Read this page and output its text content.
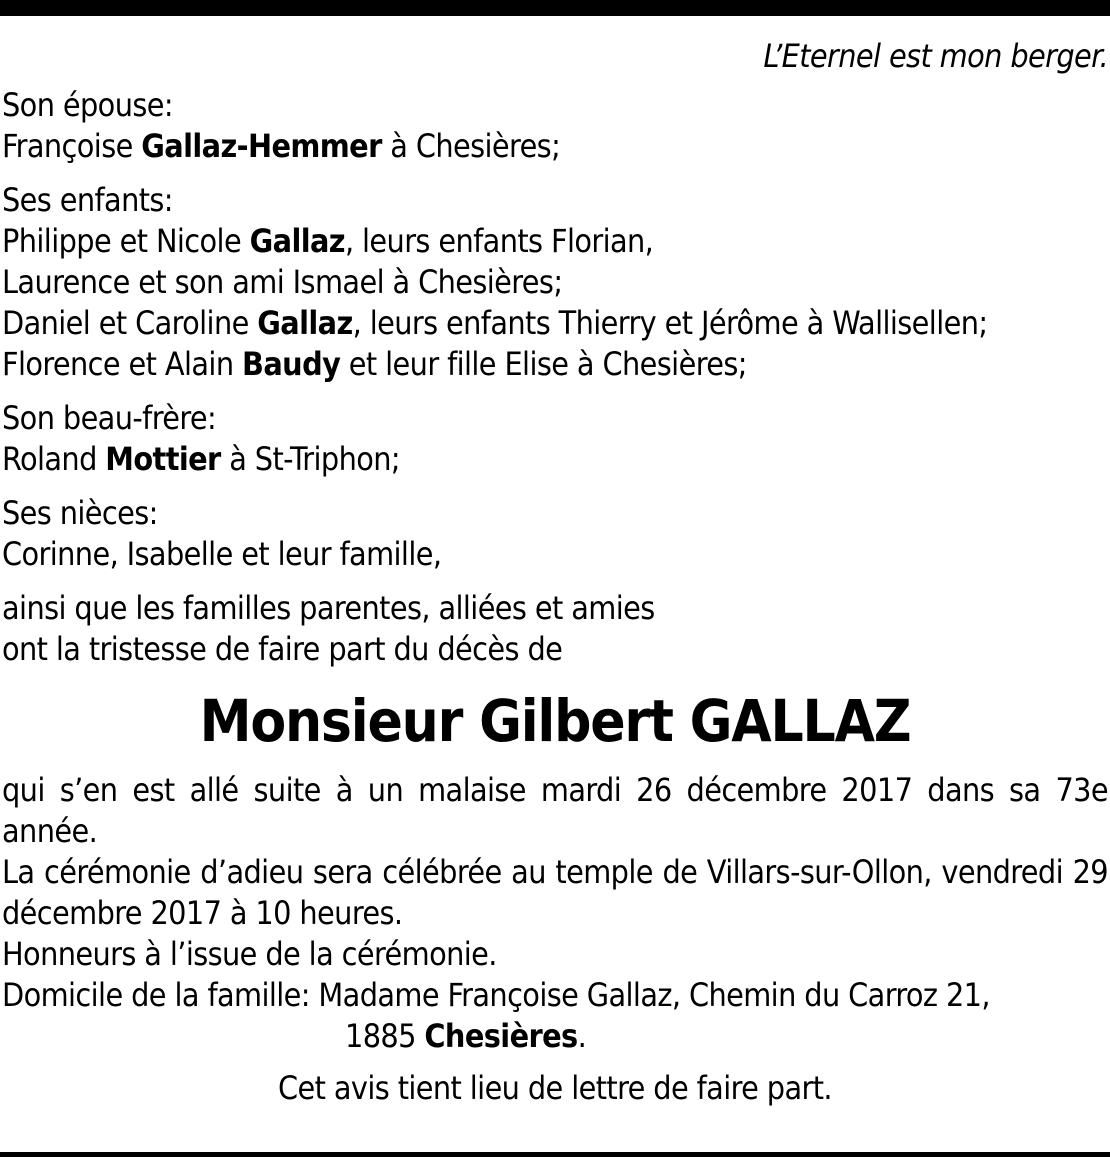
L’Eternel est mon berger.
Son épouse:
Françoise Gallaz-Hemmer à Chesières;
Ses enfants:
Philippe et Nicole Gallaz, leurs enfants Florian,
Laurence et son ami Ismael à Chesières;
Daniel et Caroline Gallaz, leurs enfants Thierry et Jérôme à Wallisellen;
Florence et Alain Baudy et leur fille Elise à Chesières;
Son beau-frère:
Roland Mottier à St-Triphon;
Ses nièces:
Corinne, Isabelle et leur famille,
ainsi que les familles parentes, alliées et amies
ont la tristesse de faire part du décès de
Monsieur Gilbert GALLAZ
qui s’en est allé suite à un malaise mardi 26 décembre 2017 dans sa 73e année.
La cérémonie d’adieu sera célébrée au temple de Villars-sur-Ollon, vendredi 29 décembre 2017 à 10 heures.
Honneurs à l’issue de la cérémonie.
Domicile de la famille: Madame Françoise Gallaz, Chemin du Carroz 21,
1885 Chesières.
Cet avis tient lieu de lettre de faire part.
